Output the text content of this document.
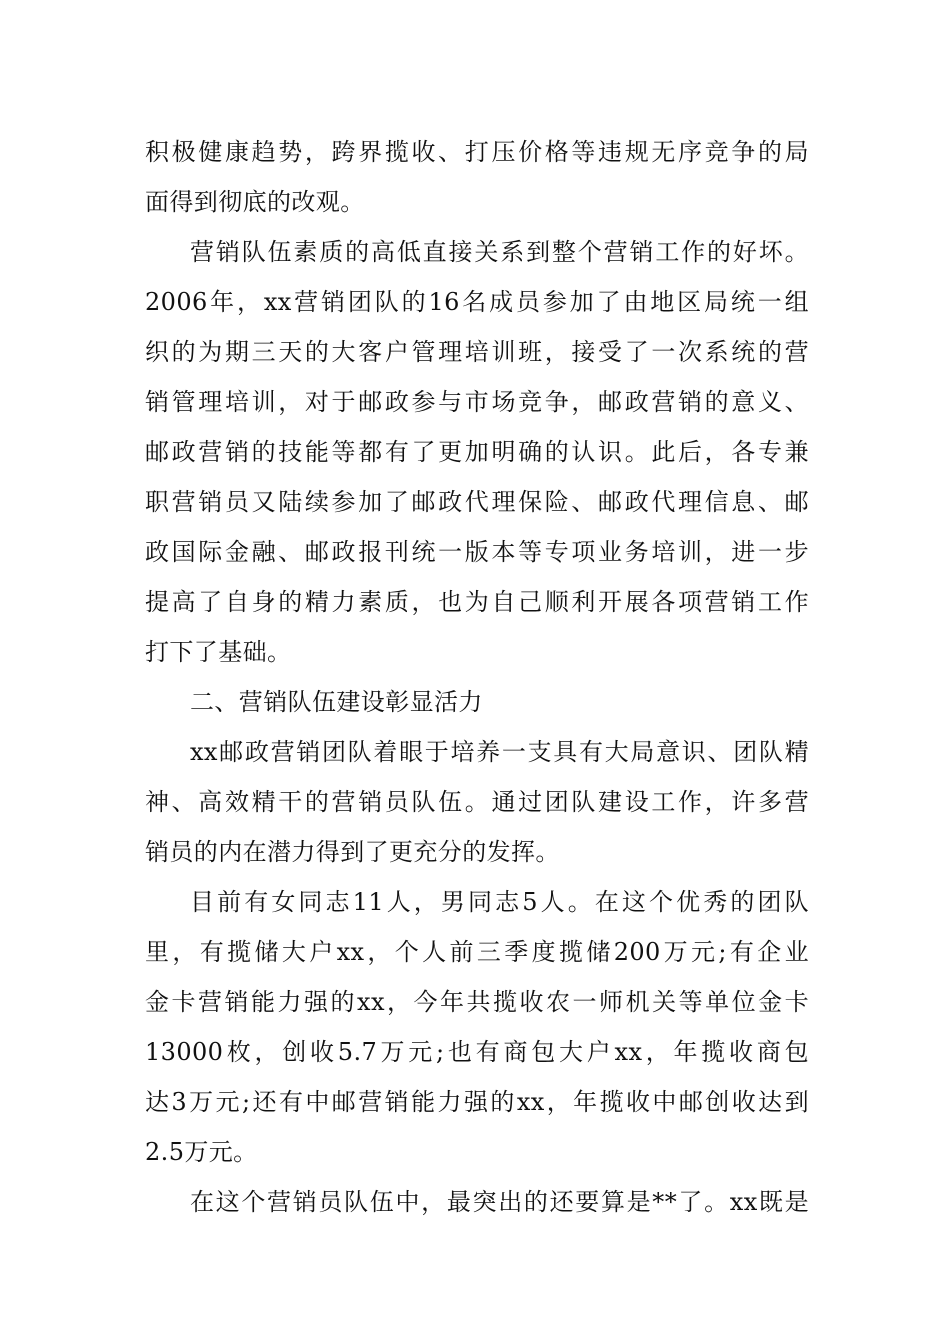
积极健康趋势，跨界揽收、打压价格等违规无序竞争的局
面得到彻底的改观。
营销队伍素质的高低直接关系到整个营销工作的好坏。
2006年，xx营销团队的16名成员参加了由地区局统一组
织的为期三天的大客户管理培训班，接受了一次系统的营
销管理培训，对于邮政参与市场竞争，邮政营销的意义、
邮政营销的技能等都有了更加明确的认识。此后，各专兼
职营销员又陆续参加了邮政代理保险、邮政代理信息、邮
政国际金融、邮政报刊统一版本等专项业务培训，进一步
提高了自身的精力素质，也为自己顺利开展各项营销工作
打下了基础。
二、营销队伍建设彰显活力
xx邮政营销团队着眼于培养一支具有大局意识、团队精
神、高效精干的营销员队伍。通过团队建设工作，许多营
销员的内在潜力得到了更充分的发挥。
目前有女同志11人，男同志5人。在这个优秀的团队
里，有揽储大户xx，个人前三季度揽储200万元;有企业
金卡营销能力强的xx，今年共揽收农一师机关等单位金卡
13000枚，创收5.7万元;也有商包大户xx，年揽收商包
达3万元;还有中邮营销能力强的xx，年揽收中邮创收达到
2.5万元。
在这个营销员队伍中，最突出的还要算是**了。xx既是
